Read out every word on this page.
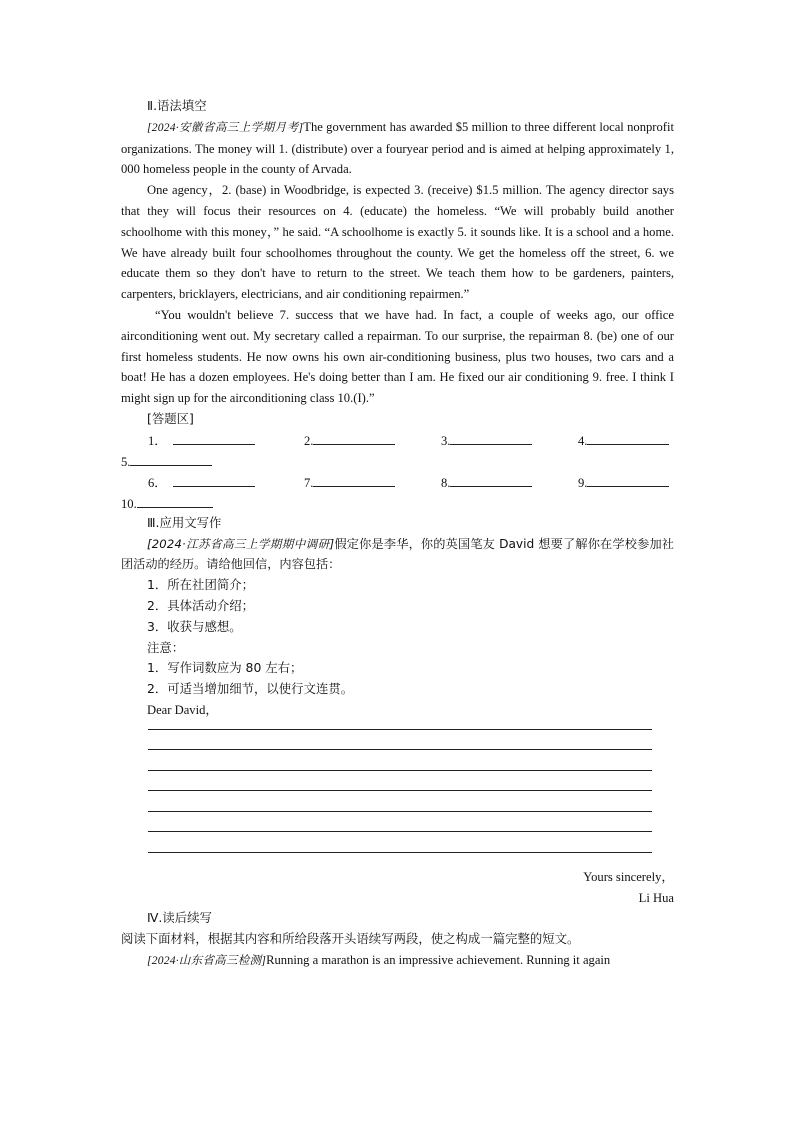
Ⅱ.语法填空

[2024·安徽省高三上学期月考]The government has awarded $5 million to three different local nonprofit organizations. The money will 1. (distribute) over a fouryear period and is aimed at helping approximately 1, 000 homeless people in the county of Arvada.

One agency，2. (base) in Woodbridge, is expected 3. (receive) $1.5 million. The agency director says that they will focus their resources on 4. (educate) the homeless. “We will probably build another schoolhome with this money，” he said. “A schoolhome is exactly 5. it sounds like. It is a school and a home. We have already built four schoolhomes throughout the county. We get the homeless off the street, 6. we educate them so they don't have to return to the street. We teach them how to be gardeners, painters, carpenters, bricklayers, electricians, and air conditioning repairmen.”

“You wouldn't believe 7. success that we have had. In fact, a couple of weeks ago, our office airconditioning went out. My secretary called a repairman. To our surprise, the repairman 8. (be) one of our first homeless students. He now owns his own air-conditioning business, plus two houses, two cars and a boat! He has a dozen employees. He's doing better than I am. He fixed our air conditioning 9. free. I think I might sign up for the airconditioning class 10.(I).”

[答题区]
1．	2.	3.	4.
5.
6．	7.	8.	9.
10.
Ⅲ.应用文写作

[2024·江苏省高三上学期期中调研]假定你是李华，你的英国笔友 David 想要了解你在学校参加社团活动的经历。请给他回信，内容包括：

1．所在社团简介；
2．具体活动介绍；
3．收获与感想。
注意：
1．写作词数应为 80 左右；
2．可适当增加细节，以使行文连贯。
Dear David，
Yours sincerely，
Li Hua
Ⅳ.读后续写
阅读下面材料，根据其内容和所给段落开头语续写两段，使之构成一篇完整的短文。

[2024·山东省高三检测]Running a marathon is an impressive achievement. Running it again
